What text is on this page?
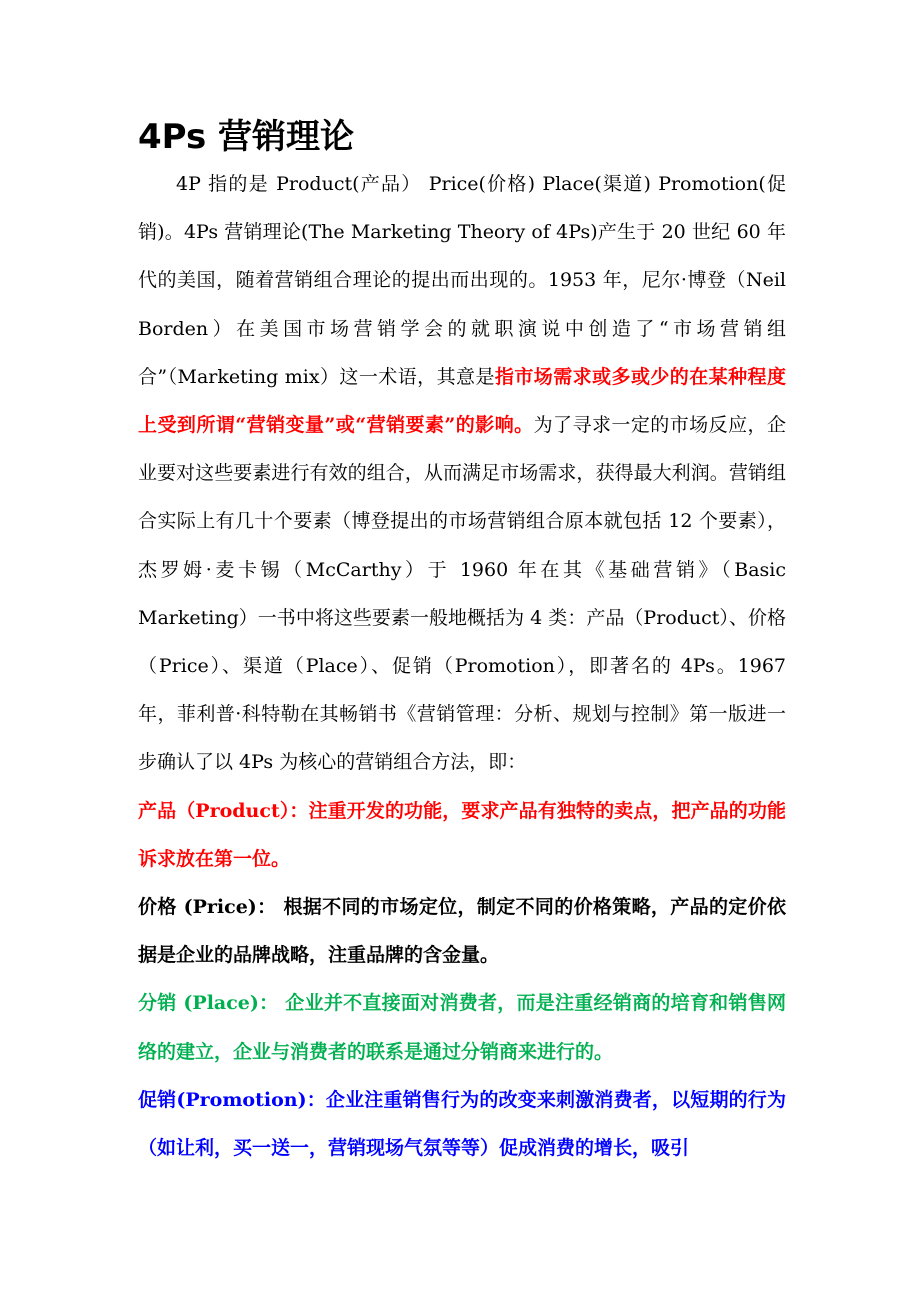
4Ps 营销理论

4P 指的是 Product(产品） Price(价格) Place(渠道) Promotion(促销)。4Ps 营销理论(The Marketing Theory of 4Ps)产生于 20 世纪 60 年代的美国，随着营销组合理论的提出而出现的。1953 年，尼尔·博登（Neil Borden）在美国市场营销学会的就职演说中创造了“市场营销组合”（Marketing mix）这一术语，其意是指市场需求或多或少的在某种程度上受到所谓“营销变量”或“营销要素”的影响。为了寻求一定的市场反应，企业要对这些要素进行有效的组合，从而满足市场需求，获得最大利润。营销组合实际上有几十个要素（博登提出的市场营销组合原本就包括 12 个要素），杰罗姆·麦卡锡（McCarthy）于 1960 年在其《基础营销》（Basic Marketing）一书中将这些要素一般地概括为 4 类：产品（Product）、价格（Price）、渠道（Place）、促销（Promotion），即著名的 4Ps。1967 年，菲利普·科特勒在其畅销书《营销管理：分析、规划与控制》第一版进一步确认了以 4Ps 为核心的营销组合方法，即：

产品（Product）：注重开发的功能，要求产品有独特的卖点，把产品的功能诉求放在第一位。

价格 (Price)： 根据不同的市场定位，制定不同的价格策略，产品的定价依据是企业的品牌战略，注重品牌的含金量。

分销 (Place)： 企业并不直接面对消费者，而是注重经销商的培育和销售网络的建立，企业与消费者的联系是通过分销商来进行的。

促销(Promotion)：企业注重销售行为的改变来刺激消费者，以短期的行为（如让利，买一送一，营销现场气氛等等）促成消费的增长，吸引
